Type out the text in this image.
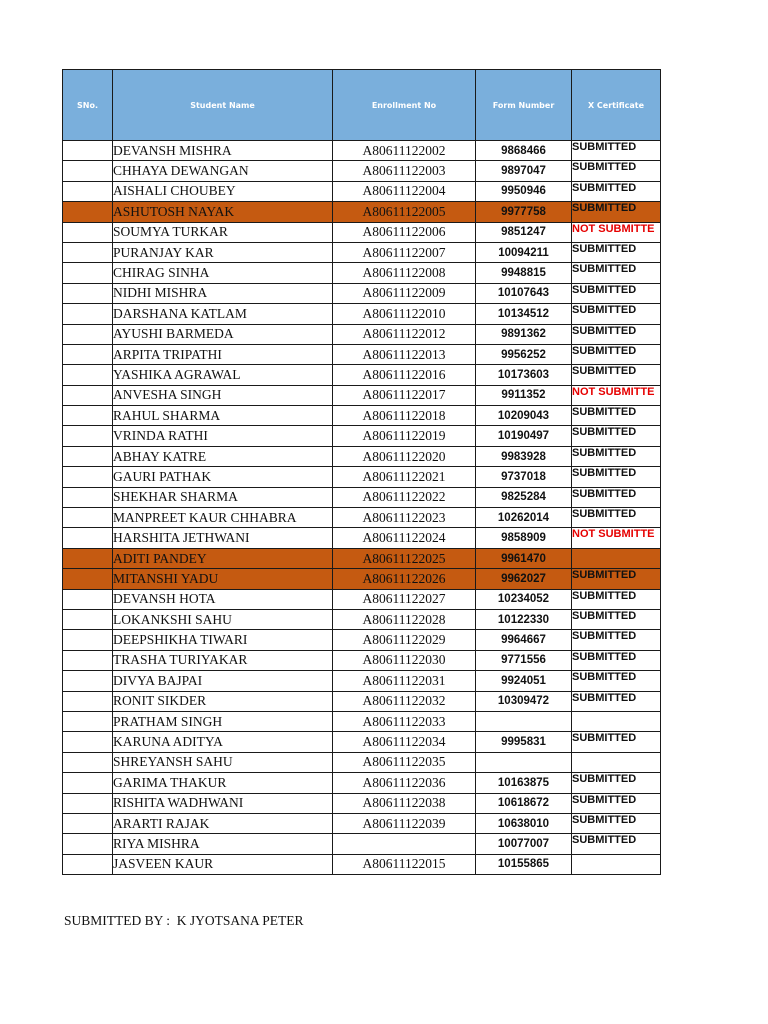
SNo.	Student Name	Enrollment No	Form Number	X Certificate
	DEVANSH MISHRA	A80611122002	9868466	SUBMITTED
	CHHAYA DEWANGAN	A80611122003	9897047	SUBMITTED
	AISHALI CHOUBEY	A80611122004	9950946	SUBMITTED
	ASHUTOSH NAYAK	A80611122005	9977758	SUBMITTED
	SOUMYA TURKAR	A80611122006	9851247	NOT SUBMITTE
	PURANJAY KAR	A80611122007	10094211	SUBMITTED
	CHIRAG SINHA	A80611122008	9948815	SUBMITTED
	NIDHI MISHRA	A80611122009	10107643	SUBMITTED
	DARSHANA KATLAM	A80611122010	10134512	SUBMITTED
	AYUSHI BARMEDA	A80611122012	9891362	SUBMITTED
	ARPITA TRIPATHI	A80611122013	9956252	SUBMITTED
	YASHIKA AGRAWAL	A80611122016	10173603	SUBMITTED
	ANVESHA SINGH	A80611122017	9911352	NOT SUBMITTE
	RAHUL SHARMA	A80611122018	10209043	SUBMITTED
	VRINDA RATHI	A80611122019	10190497	SUBMITTED
	ABHAY KATRE	A80611122020	9983928	SUBMITTED
	GAURI PATHAK	A80611122021	9737018	SUBMITTED
	SHEKHAR SHARMA	A80611122022	9825284	SUBMITTED
	MANPREET KAUR CHHABRA	A80611122023	10262014	SUBMITTED
	HARSHITA JETHWANI	A80611122024	9858909	NOT SUBMITTE
	ADITI PANDEY	A80611122025	9961470	
	MITANSHI YADU	A80611122026	9962027	SUBMITTED
	DEVANSH HOTA	A80611122027	10234052	SUBMITTED
	LOKANKSHI SAHU	A80611122028	10122330	SUBMITTED
	DEEPSHIKHA TIWARI	A80611122029	9964667	SUBMITTED
	TRASHA TURIYAKAR	A80611122030	9771556	SUBMITTED
	DIVYA BAJPAI	A80611122031	9924051	SUBMITTED
	RONIT SIKDER	A80611122032	10309472	SUBMITTED
	PRATHAM SINGH	A80611122033		
	KARUNA ADITYA	A80611122034	9995831	SUBMITTED
	SHREYANSH SAHU	A80611122035		
	GARIMA THAKUR	A80611122036	10163875	SUBMITTED
	RISHITA WADHWANI	A80611122038	10618672	SUBMITTED
	ARARTI RAJAK	A80611122039	10638010	SUBMITTED
	RIYA MISHRA		10077007	SUBMITTED
	JASVEEN KAUR	A80611122015	10155865	
SUBMITTED BY :  K JYOTSANA PETER
